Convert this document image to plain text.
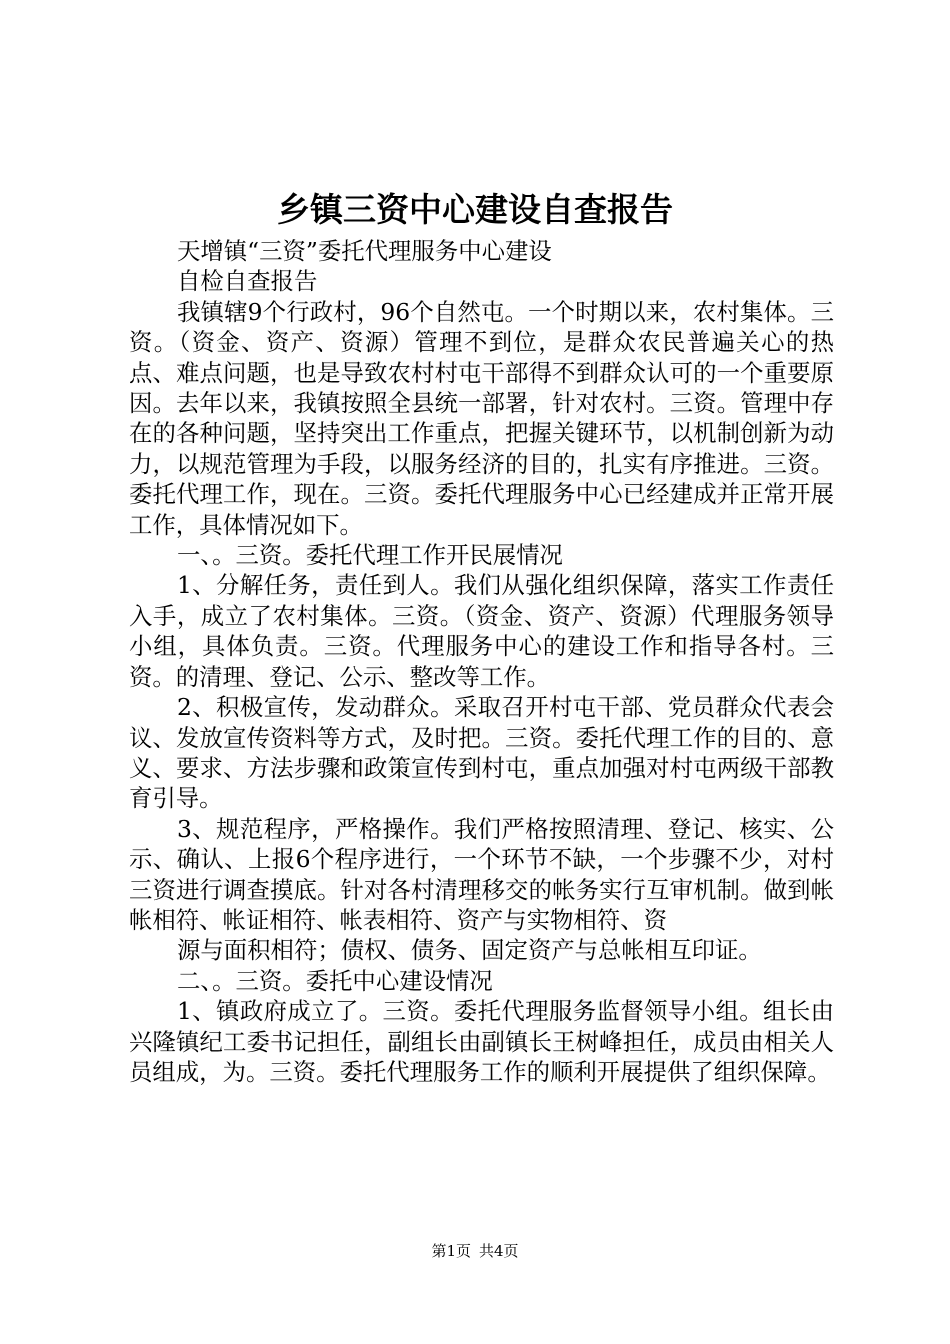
乡镇三资中心建设自查报告

天增镇“三资”委托代理服务中心建设

自检自查报告

我镇辖9个行政村，96个自然屯。一个时期以来，农村集体。三资。（资金、资产、资源）管理不到位，是群众农民普遍关心的热点、难点问题，也是导致农村村屯干部得不到群众认可的一个重要原因。去年以来，我镇按照全县统一部署，针对农村。三资。管理中存在的各种问题，坚持突出工作重点，把握关键环节，以机制创新为动力，以规范管理为手段，以服务经济的目的，扎实有序推进。三资。委托代理工作，现在。三资。委托代理服务中心已经建成并正常开展工作，具体情况如下。

一、。三资。委托代理工作开民展情况

1、分解任务，责任到人。我们从强化组织保障，落实工作责任入手，成立了农村集体。三资。（资金、资产、资源）代理服务领导小组，具体负责。三资。代理服务中心的建设工作和指导各村。三资。的清理、登记、公示、整改等工作。

2、积极宣传，发动群众。采取召开村屯干部、党员群众代表会议、发放宣传资料等方式，及时把。三资。委托代理工作的目的、意义、要求、方法步骤和政策宣传到村屯，重点加强对村屯两级干部教育引导。

3、规范程序，严格操作。我们严格按照清理、登记、核实、公示、确认、上报6个程序进行，一个环节不缺，一个步骤不少，对村三资进行调查摸底。针对各村清理移交的帐务实行互审机制。做到帐帐相符、帐证相符、帐表相符、资产与实物相符、资

源与面积相符；债权、债务、固定资产与总帐相互印证。

二、。三资。委托中心建设情况

1、镇政府成立了。三资。委托代理服务监督领导小组。组长由兴隆镇纪工委书记担任，副组长由副镇长王树峰担任，成员由相关人员组成，为。三资。委托代理服务工作的顺利开展提供了组织保障。

第1页 共4页
